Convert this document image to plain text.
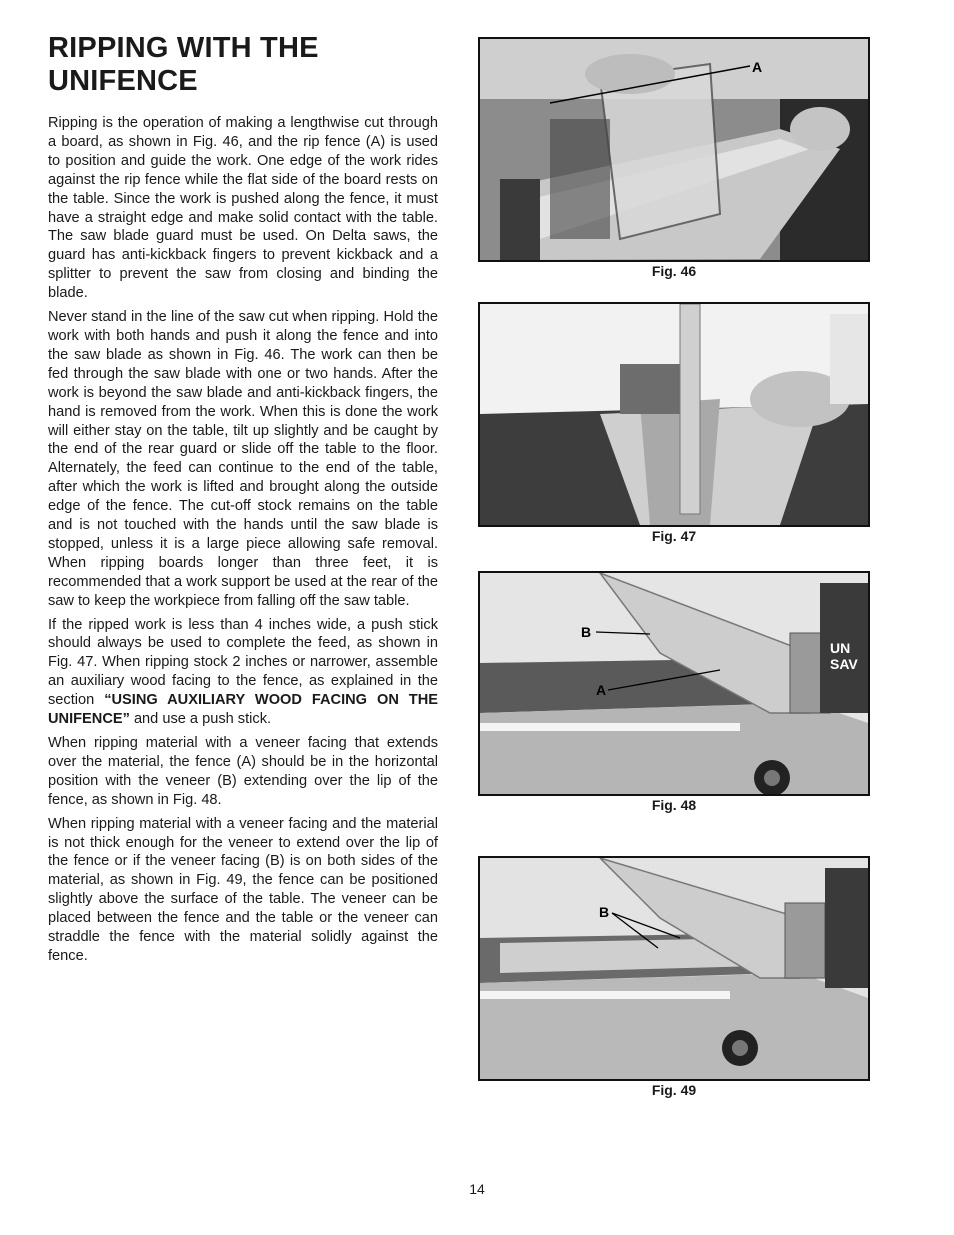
RIPPING WITH THE
UNIFENCE

Ripping is the operation of making a lengthwise cut through a board, as shown in Fig. 46, and the rip fence (A) is used to position and guide the work. One edge of the work rides against the rip fence while the flat side of the board rests on the table. Since the work is pushed along the fence, it must have a straight edge and make solid contact with the table. The saw blade guard must be used. On Delta saws, the guard has anti-kickback fingers to prevent kickback and a splitter to prevent the saw from closing and binding the blade.

Never stand in the line of the saw cut when ripping. Hold the work with both hands and push it along the fence and into the saw blade as shown in Fig. 46. The work can then be fed through the saw blade with one or two hands. After the work is beyond the saw blade and anti-kickback fingers, the hand is removed from the work. When this is done the work will either stay on the table, tilt up slightly and be caught by the end of the rear guard or slide off the table to the floor. Alternately, the feed can continue to the end of the table, after which the work is lifted and brought along the outside edge of the fence. The cut-off stock remains on the table and is not touched with the hands until the saw blade is stopped, unless it is a large piece allowing safe removal. When ripping boards longer than three feet, it is recommended that a work support be used at the rear of the saw to keep the workpiece from falling off the saw table.

If the ripped work is less than 4 inches wide, a push stick should always be used to complete the feed, as shown in Fig. 47. When ripping stock 2 inches or narrower, assemble an auxiliary wood facing to the fence, as explained in the section “USING AUXILIARY WOOD FACING ON THE UNIFENCE” and use a push stick.

When ripping material with a veneer facing that extends over the material, the fence (A) should be in the horizontal position with the veneer (B) extending over the lip of the fence, as shown in Fig. 48.

When ripping material with a veneer facing and the material is not thick enough for the veneer to extend over the lip of the fence or if the veneer facing (B) is on both sides of the material, as shown in Fig. 49, the fence can be positioned slightly above the surface of the table. The veneer can be placed between the fence and the table or the veneer can straddle the fence with the material solidly against the fence.

A
Fig. 46
Fig. 47
UN
SAV
B
A
Fig. 48
B
Fig. 49
14
